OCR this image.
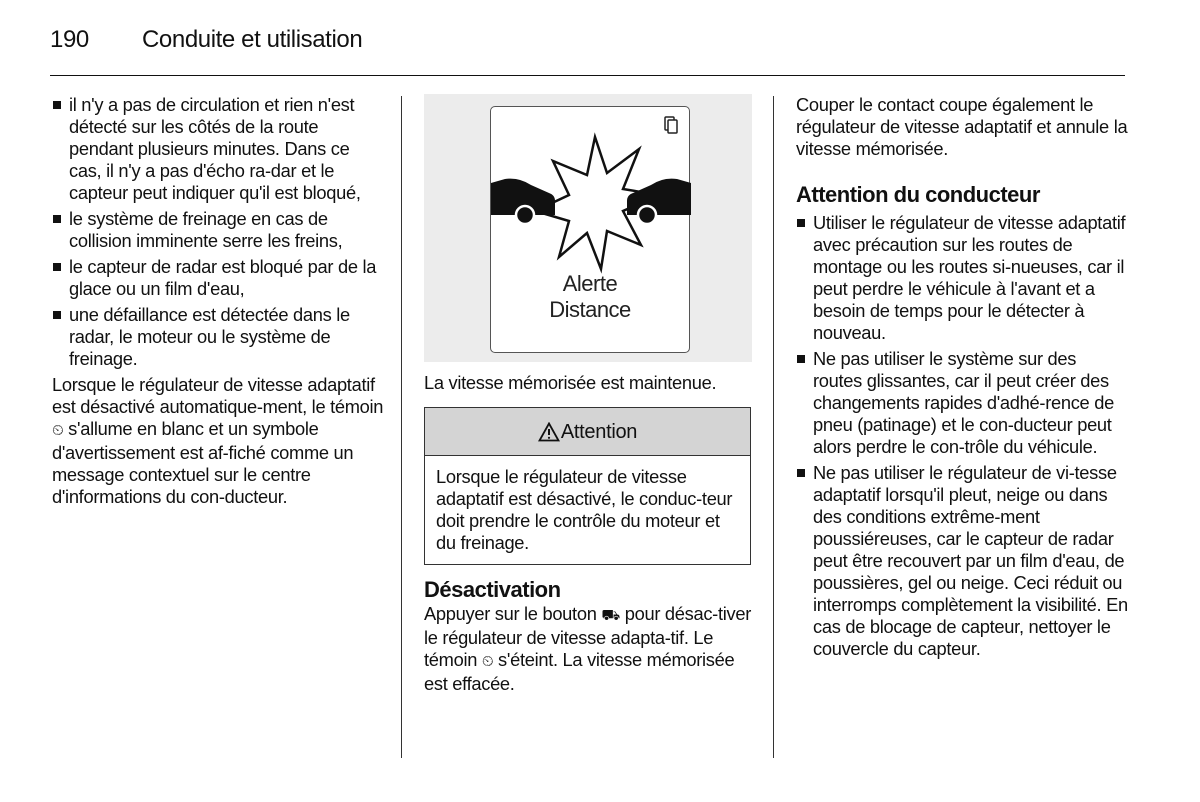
190 Conduite et utilisation
il n'y a pas de circulation et rien n'est détecté sur les côtés de la route pendant plusieurs minutes. Dans ce cas, il n'y a pas d'écho ra-dar et le capteur peut indiquer qu'il est bloqué,
le système de freinage en cas de collision imminente serre les freins,
le capteur de radar est bloqué par de la glace ou un film d'eau,
une défaillance est détectée dans le radar, le moteur ou le système de freinage.

Lorsque le régulateur de vitesse adaptatif est désactivé automatique-ment, le témoin ⏲ s'allume en blanc et un symbole d'avertissement est af-fiché comme un message contextuel sur le centre d'informations du con-ducteur.

Alerte
Distance

La vitesse mémorisée est maintenue.

Attention
Lorsque le régulateur de vitesse adaptatif est désactivé, le conduc-teur doit prendre le contrôle du moteur et du freinage.
Désactivation

Appuyer sur le bouton ⛟ pour désac-tiver le régulateur de vitesse adapta-tif. Le témoin ⏲ s'éteint. La vitesse mémorisée est effacée.

Couper le contact coupe également le régulateur de vitesse adaptatif et annule la vitesse mémorisée.

Attention du conducteur
Utiliser le régulateur de vitesse adaptatif avec précaution sur les routes de montage ou les routes si-nueuses, car il peut perdre le véhicule à l'avant et a besoin de temps pour le détecter à nouveau.
Ne pas utiliser le système sur des routes glissantes, car il peut créer des changements rapides d'adhé-rence de pneu (patinage) et le con-ducteur peut alors perdre le con-trôle du véhicule.
Ne pas utiliser le régulateur de vi-tesse adaptatif lorsqu'il pleut, neige ou dans des conditions extrême-ment poussiéreuses, car le capteur de radar peut être recouvert par un film d'eau, de poussières, gel ou neige. Ceci réduit ou interromps complètement la visibilité. En cas de blocage de capteur, nettoyer le couvercle du capteur.
